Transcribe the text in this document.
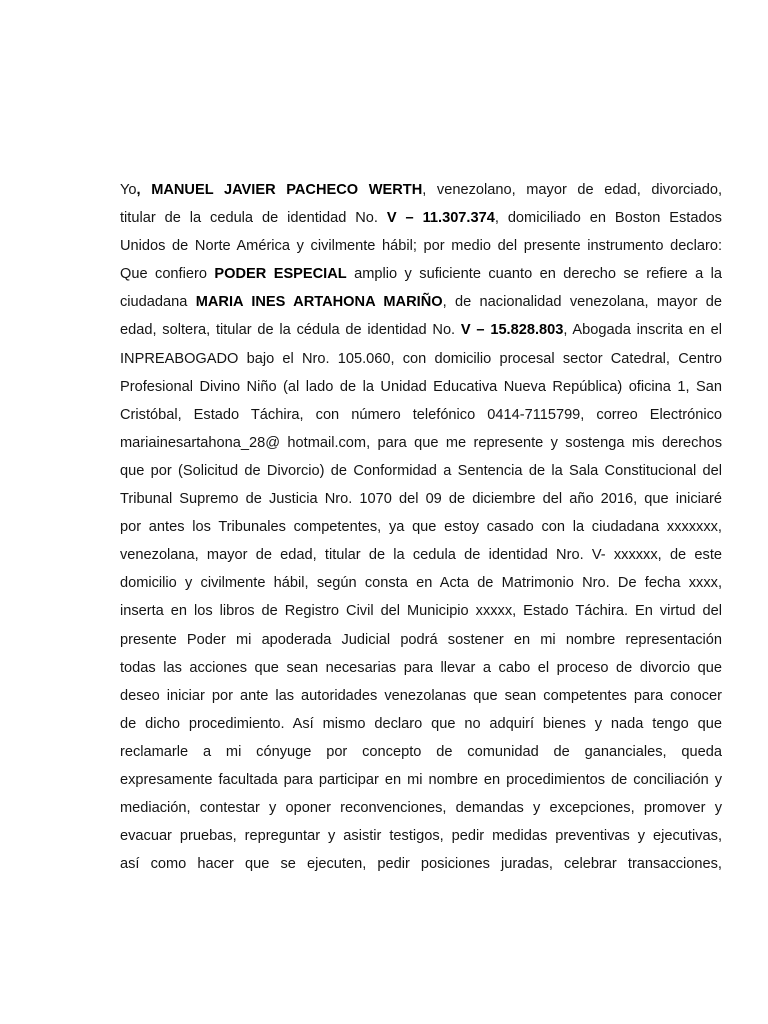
Yo, MANUEL JAVIER PACHECO WERTH, venezolano, mayor de edad, divorciado,
titular de la cedula de identidad No. V – 11.307.374, domiciliado en Boston Estados
Unidos de Norte América y civilmente hábil; por medio del presente instrumento declaro:
Que confiero PODER ESPECIAL amplio y suficiente cuanto en derecho se refiere a la
ciudadana MARIA INES ARTAHONA MARIÑO, de nacionalidad venezolana, mayor de
edad, soltera, titular de la cédula de identidad No. V – 15.828.803, Abogada inscrita en el
INPREABOGADO bajo el Nro. 105.060, con domicilio procesal sector Catedral, Centro
Profesional Divino Niño (al lado de la Unidad Educativa Nueva República) oficina 1, San
Cristóbal, Estado Táchira, con número telefónico 0414-7115799, correo Electrónico
mariainesartahona_28@ hotmail.com, para que me represente y sostenga mis derechos
que por (Solicitud de Divorcio) de Conformidad a Sentencia de la Sala Constitucional del
Tribunal Supremo de Justicia Nro. 1070 del 09 de diciembre del año 2016, que iniciaré
por antes los Tribunales competentes, ya que estoy casado con la ciudadana xxxxxxx,
venezolana, mayor de edad, titular de la cedula de identidad Nro. V- xxxxxx, de este
domicilio y civilmente hábil, según consta en Acta de Matrimonio Nro. De fecha xxxx,
inserta en los libros de Registro Civil del Municipio xxxxx, Estado Táchira. En virtud del
presente Poder mi apoderada Judicial podrá sostener en mi nombre representación
todas las acciones que sean necesarias para llevar a cabo el proceso de divorcio que
deseo iniciar por ante las autoridades venezolanas que sean competentes para conocer
de dicho procedimiento. Así mismo declaro que no adquirí bienes y nada tengo que
reclamarle a mi cónyuge por concepto de comunidad de gananciales, queda
expresamente facultada para participar en mi nombre en procedimientos de conciliación y
mediación, contestar y oponer reconvenciones, demandas y excepciones, promover y
evacuar pruebas, repreguntar y asistir testigos, pedir medidas preventivas y ejecutivas,
así como hacer que se ejecuten, pedir posiciones juradas, celebrar transacciones,
